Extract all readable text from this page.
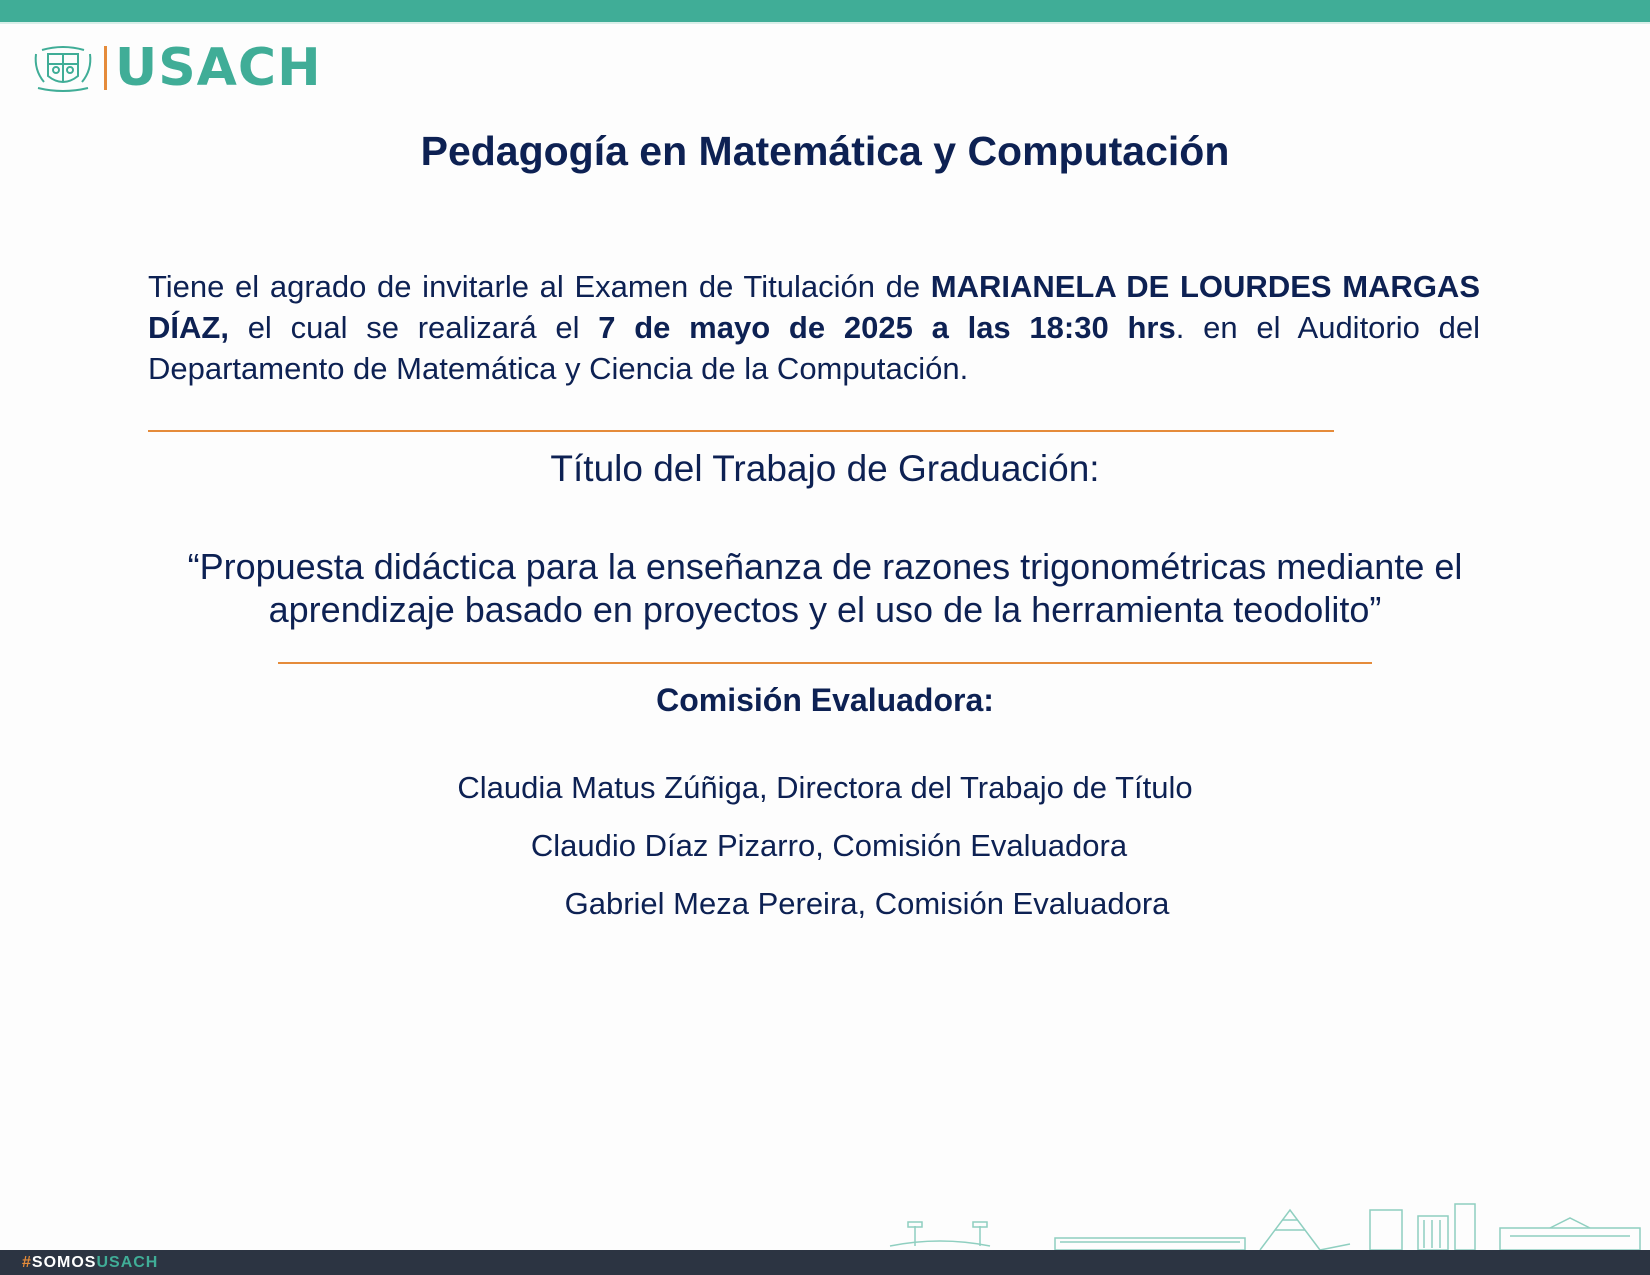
USACH
Pedagogía en Matemática y Computación
Tiene el agrado de invitarle al Examen de Titulación de MARIANELA DE LOURDES MARGAS DÍAZ, el cual se realizará el 7 de mayo de 2025 a las 18:30 hrs. en el Auditorio del Departamento de Matemática y Ciencia de la Computación.
Título del Trabajo de Graduación:
“Propuesta didáctica para la enseñanza de razones trigonométricas mediante el aprendizaje basado en proyectos y el uso de la herramienta teodolito”
Comisión Evaluadora:
Claudia Matus Zúñiga, Directora del Trabajo de Título
Claudio Díaz Pizarro, Comisión Evaluadora
Gabriel Meza Pereira, Comisión Evaluadora
#SOMOSUSACH
